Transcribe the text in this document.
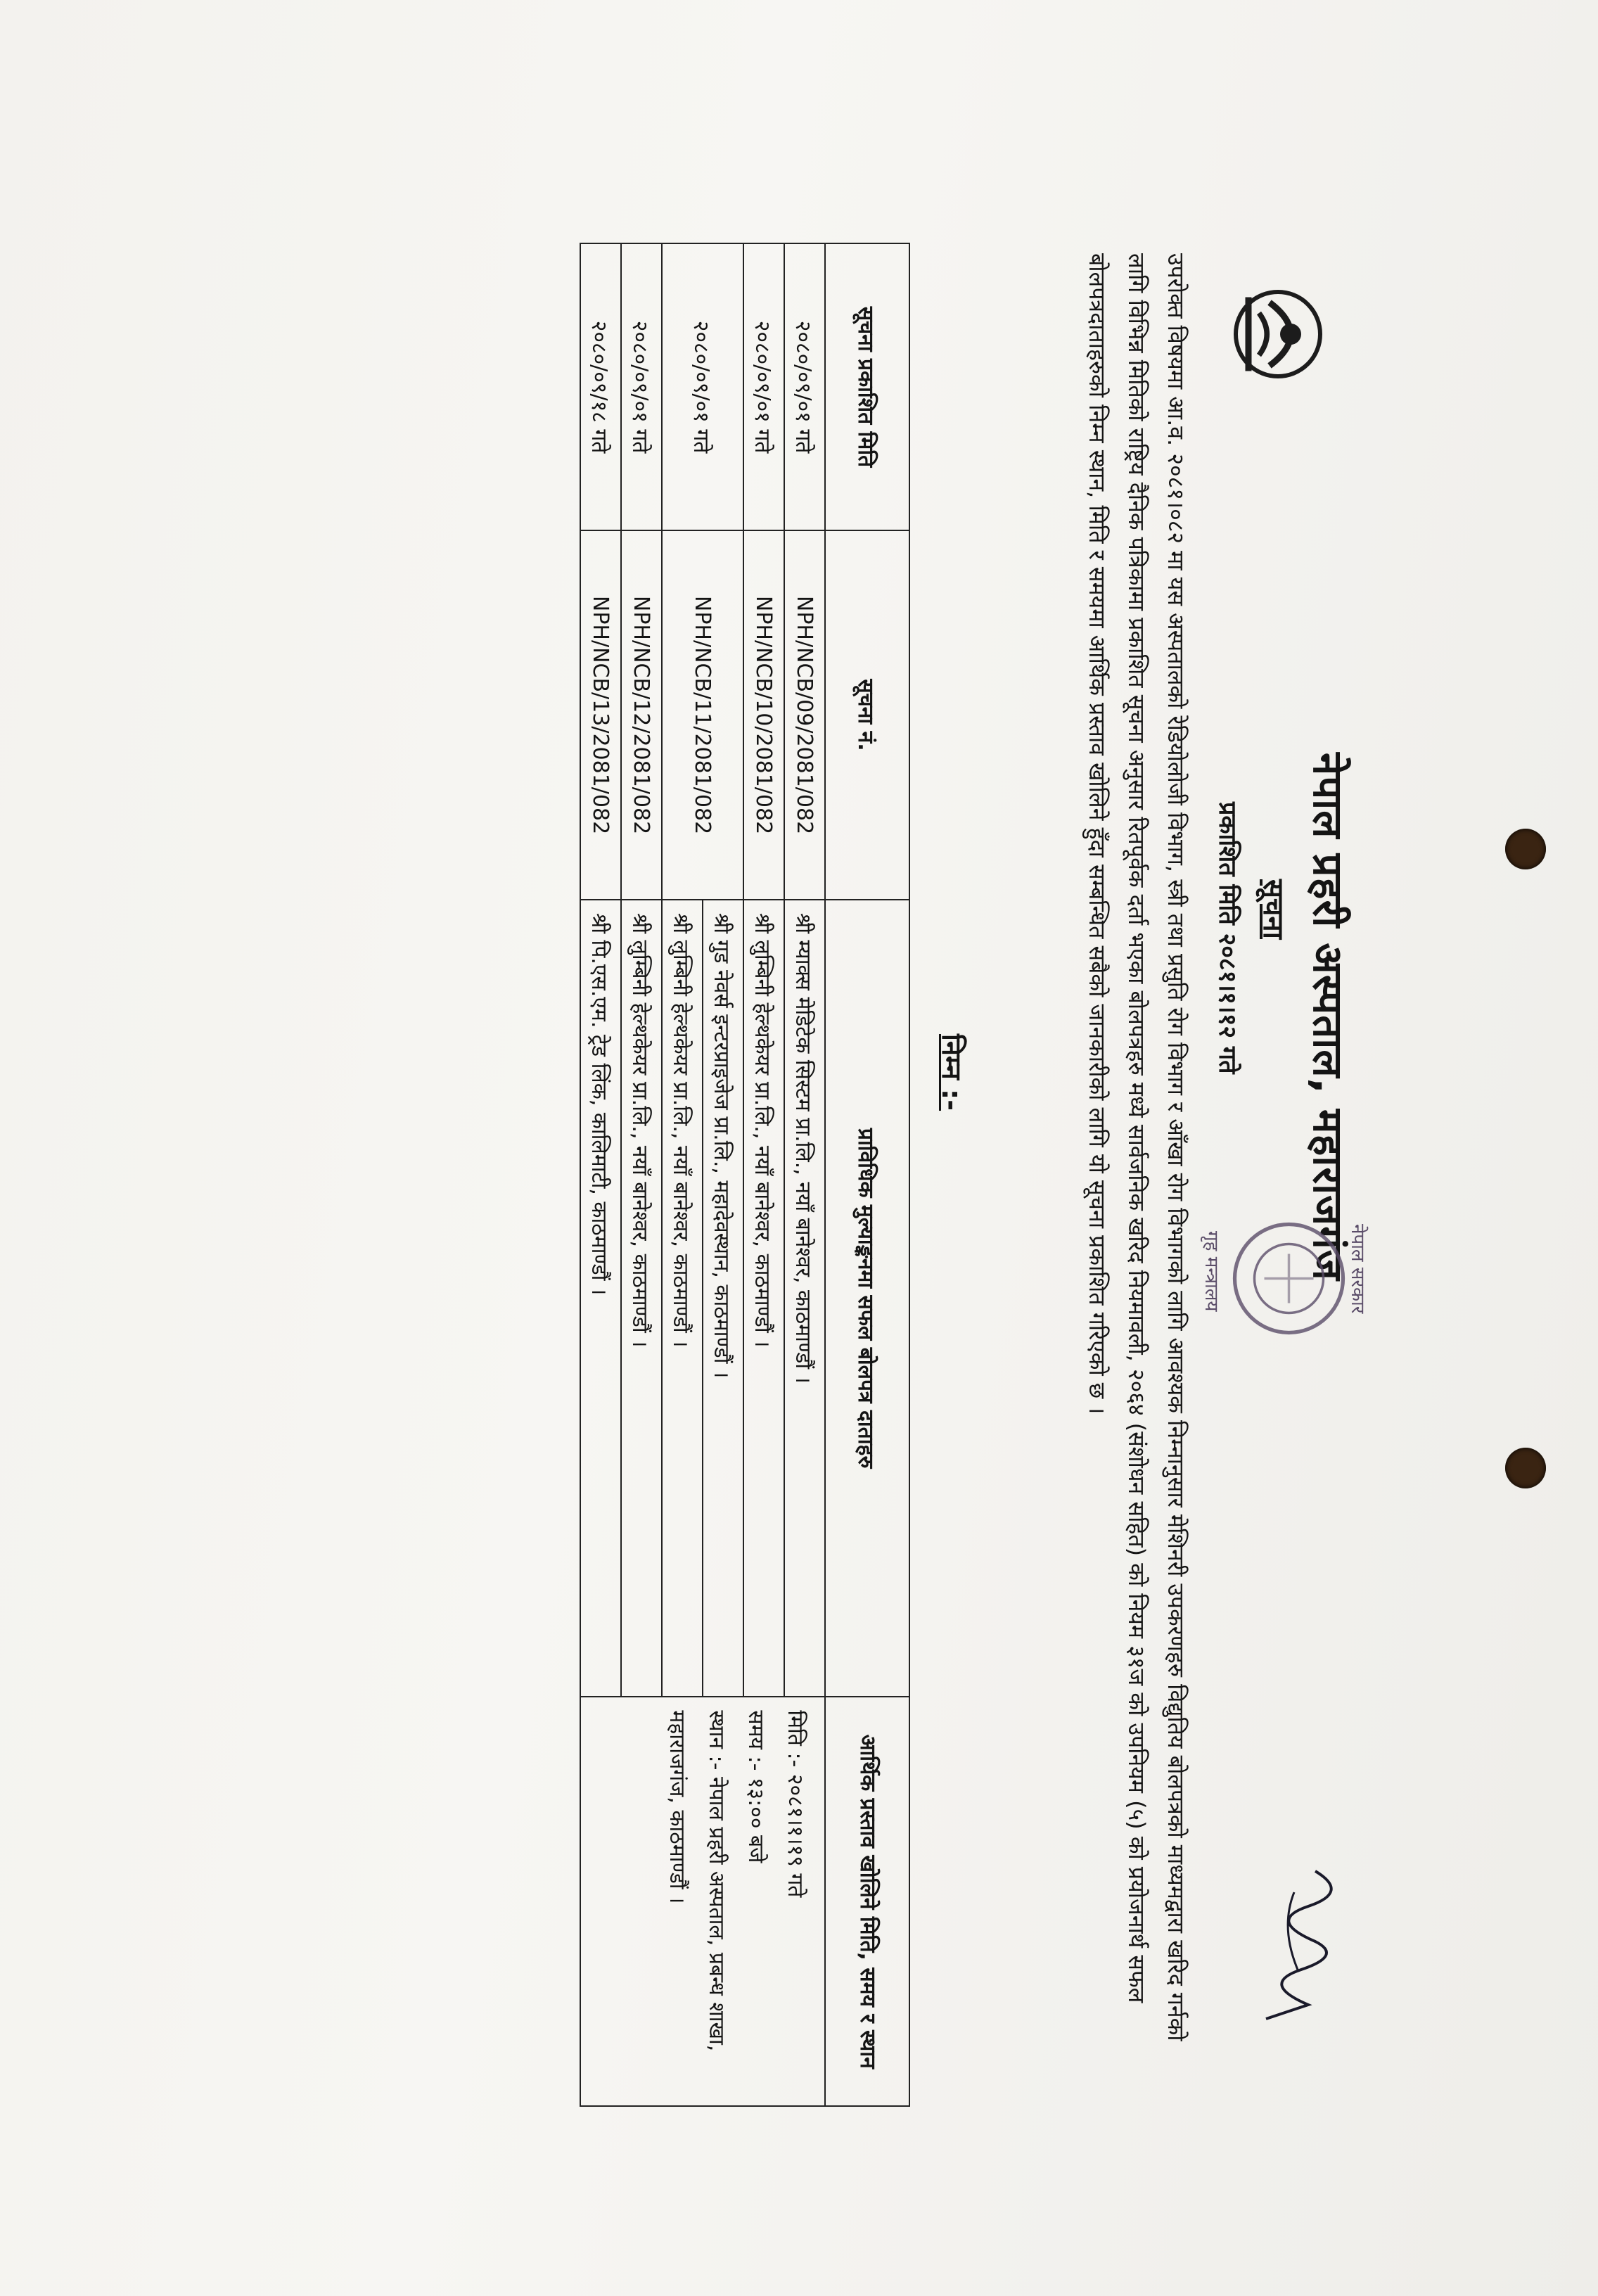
नेपाल प्रहरी अस्पताल, महाराजगंज
नेपाल सरकार
गृह मन्त्रालय
सूचना
प्रकाशित मिति २०८१।१।१२ गते
उपरोक्त विषयमा आ.व. २०८१।०८२ मा यस अस्पतालको रेडियोलोजी विभाग, स्त्री तथा प्रसुति रोग विभाग र आँखा रोग विभागको लागि आवश्यक निम्नानुसार मेशिनरी उपकरणहरु विद्युतिय बोलपत्रको माध्यमद्वारा खरिद गर्नको लागि विभिन्न मितिको राष्ट्रिय दैनिक पत्रिकामा प्रकाशित सूचना अनुसार रितपूर्वक दर्ता भएका बोलपत्रहरु मध्ये सार्वजनिक खरिद नियमावली, २०६४ (संशोधन सहित) को नियम ३१ज को उपनियम (५) को प्रयोजनार्थ सफल बोलपत्रदाताहरुको निम्न स्थान, मिति र समयमा आर्थिक प्रस्ताव खोलिने हुँदा सम्बन्धित सबैको जानकारीको लागि यो सूचना प्रकाशित गरिएको छ ।
निम्न :-
सूचना प्रकाशित मिति	सूचना नं.	प्राविधिक मुल्याङ्कनमा सफल बोलपत्र दाताहरु	आर्थिक प्रस्ताव खोलिने मिति, समय र स्थान
२०८०/०९/०१ गते	NPH/NCB/09/2081/082	श्री म्याक्स मेडिटेक सिस्टम प्रा.लि., नयाँ बानेश्वर, काठमाण्डौं ।	मिति :- २०८१।१।१९ गते
समय :- १३:०० बजे
स्थान :- नेपाल प्रहरी अस्पताल, प्रबन्ध शाखा, महाराजगंज, काठमाण्डौं ।

२०८०/०९/०१ गते	NPH/NCB/10/2081/082	श्री लुम्बिनी हेल्थकेयर प्रा.लि., नयाँ बानेश्वर, काठमाण्डौं ।	
२०८०/०९/०१ गते	NPH/NCB/11/2081/082	श्री गुड नेवर्स इन्टरप्राइजेज प्रा.लि., महादेवस्थान, काठमाण्डौं ।	
		श्री लुम्बिनी हेल्थकेयर प्रा.लि., नयाँ बानेश्वर, काठमाण्डौं ।	
२०८०/०९/०१ गते	NPH/NCB/12/2081/082	श्री लुम्बिनी हेल्थकेयर प्रा.लि., नयाँ बानेश्वर, काठमाण्डौं ।	
२०८०/०९/१८ गते	NPH/NCB/13/2081/082	श्री पि.एस.एम. ट्रेड लिंक, कालिमाटी, काठमाण्डौं ।	
